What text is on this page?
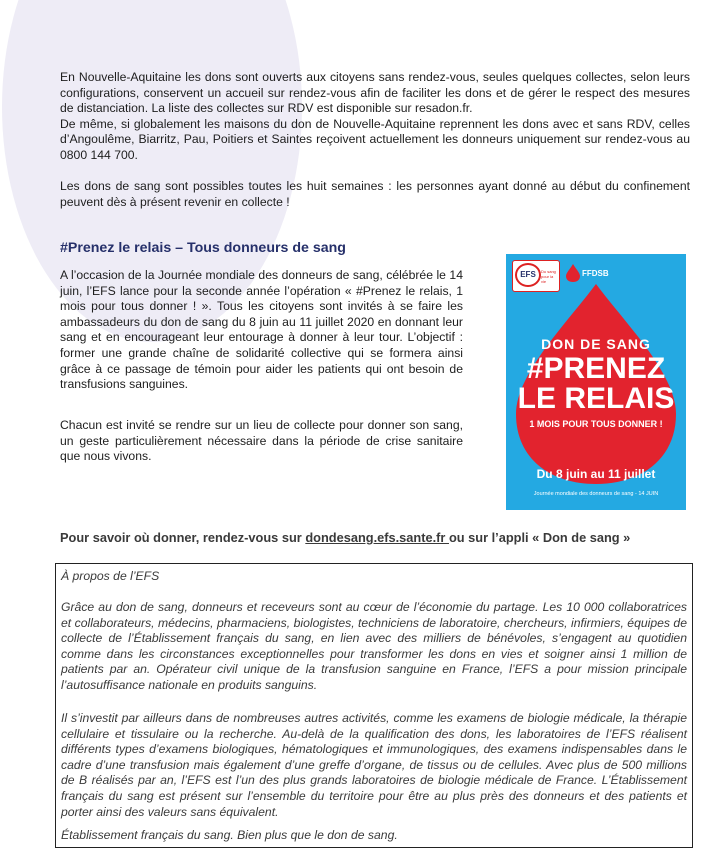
En Nouvelle-Aquitaine les dons sont ouverts aux citoyens sans rendez-vous, seules quelques collectes, selon leurs configurations, conservent un accueil sur rendez-vous afin de faciliter les dons et de gérer le respect des mesures de distanciation. La liste des collectes sur RDV est disponible sur resadon.fr.
De même, si globalement les maisons du don de Nouvelle-Aquitaine reprennent les dons avec et sans RDV, celles d’Angoulême, Biarritz, Pau, Poitiers et Saintes reçoivent actuellement les donneurs uniquement sur rendez-vous au 0800 144 700.

Les dons de sang sont possibles toutes les huit semaines : les personnes ayant donné au début du confinement peuvent dès à présent revenir en collecte !

#Prenez le relais – Tous donneurs de sang

A l’occasion de la Journée mondiale des donneurs de sang, célébrée le 14 juin, l’EFS lance pour la seconde année l’opération « #Prenez le relais, 1 mois pour tous donner ! ». Tous les citoyens sont invités à se faire les ambassadeurs du don de sang du 8 juin au 11 juillet 2020 en donnant leur sang et en encourageant leur entourage à donner à leur tour. L’objectif : former une grande chaîne de solidarité collective qui se formera ainsi grâce à ce passage de témoin pour aider les patients qui ont besoin de transfusions sanguines.

Chacun est invité se rendre sur un lieu de collecte pour donner son sang, un geste particulièrement nécessaire dans la période de crise sanitaire que nous vivons.

EFS	Du sang pour la vie
FFDSB
DON DE SANG
#PRENEZ
LE RELAIS
1 MOIS POUR TOUS DONNER !
Du 8 juin au 11 juillet
Journée mondiale des donneurs de sang - 14 JUIN

Pour savoir où donner, rendez-vous sur dondesang.efs.sante.fr ou sur l’appli « Don de sang »

À propos de l’EFS

Grâce au don de sang, donneurs et receveurs sont au cœur de l’économie du partage. Les 10 000 collaboratrices et collaborateurs, médecins, pharmaciens, biologistes, techniciens de laboratoire, chercheurs, infirmiers, équipes de collecte de l’Établissement français du sang, en lien avec des milliers de bénévoles, s’engagent au quotidien comme dans les circonstances exceptionnelles pour transformer les dons en vies et soigner ainsi 1 million de patients par an. Opérateur civil unique de la transfusion sanguine en France, l’EFS a pour mission principale l’autosuffisance nationale en produits sanguins.

Il s’investit par ailleurs dans de nombreuses autres activités, comme les examens de biologie médicale, la thérapie cellulaire et tissulaire ou la recherche. Au-delà de la qualification des dons, les laboratoires de l’EFS réalisent différents types d’examens biologiques, hématologiques et immunologiques, des examens indispensables dans le cadre d’une transfusion mais également d’une greffe d’organe, de tissus ou de cellules. Avec plus de 500 millions de B réalisés par an, l’EFS est l’un des plus grands laboratoires de biologie médicale de France. L’Établissement français du sang est présent sur l’ensemble du territoire pour être au plus près des donneurs et des patients et porter ainsi des valeurs sans équivalent.

Établissement français du sang. Bien plus que le don de sang.
